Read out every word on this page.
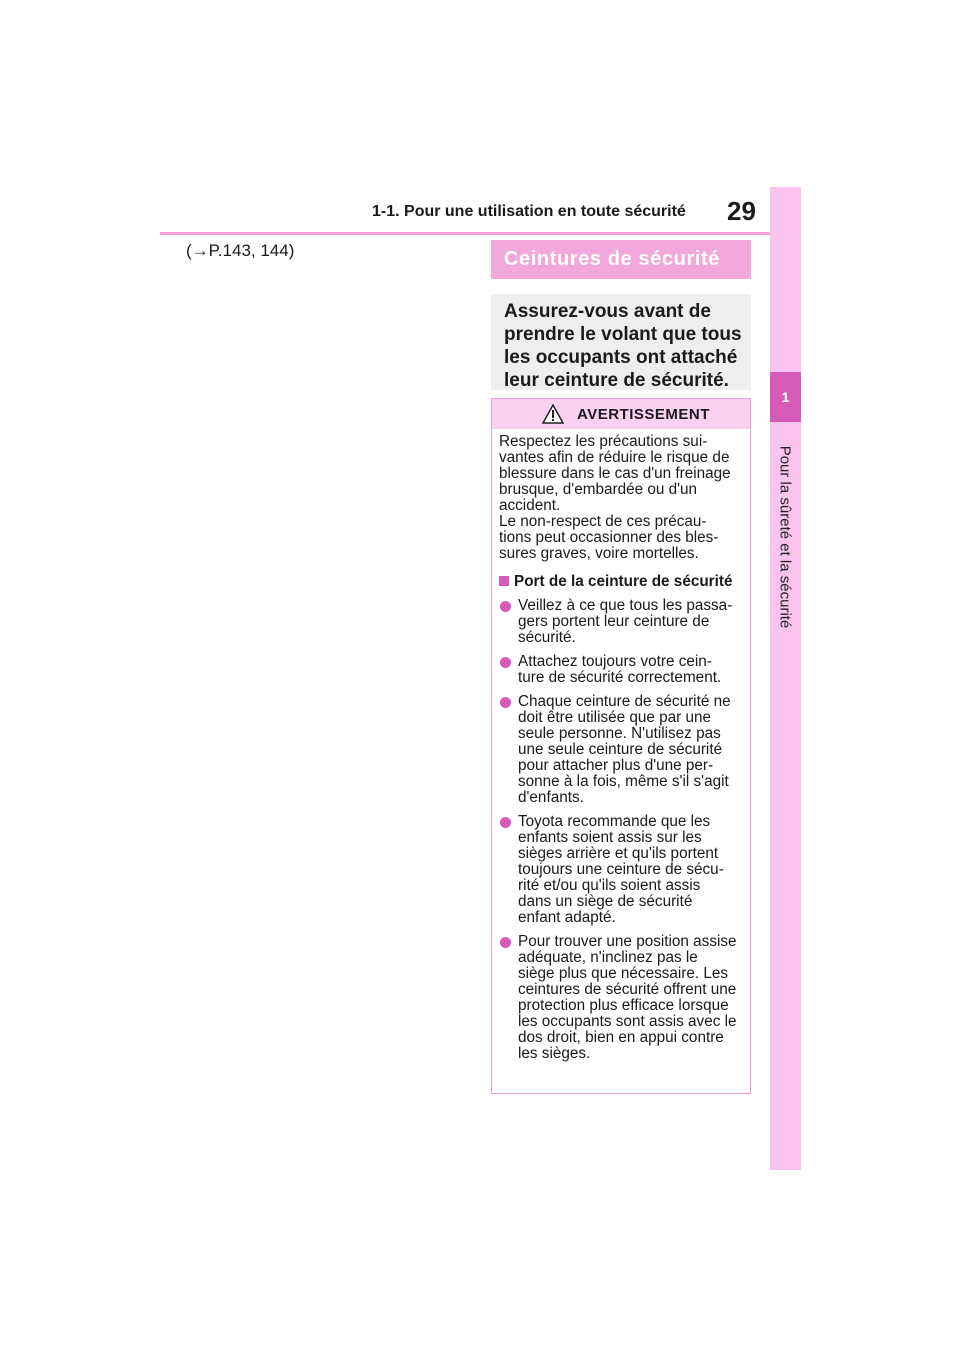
1-1. Pour une utilisation en toute sécurité 29
1
Pour la sûreté et la sécurité
(→P.143, 144)	Ceintures de sécurité
Assurez-vous avant de
prendre le volant que tous
les occupants ont attaché
leur ceinture de sécurité.
AVERTISSEMENT

Respectez les précautions sui-
vantes afin de réduire le risque de
blessure dans le cas d'un freinage
brusque, d'embardée ou d'un
accident.
Le non-respect de ces précau-
tions peut occasionner des bles-
sures graves, voire mortelles.

Port de la ceinture de sécurité

Veillez à ce que tous les passa-
gers portent leur ceinture de
sécurité.

Attachez toujours votre cein-
ture de sécurité correctement.

Chaque ceinture de sécurité ne
doit être utilisée que par une
seule personne. N'utilisez pas
une seule ceinture de sécurité
pour attacher plus d'une per-
sonne à la fois, même s'il s'agit
d'enfants.

Toyota recommande que les
enfants soient assis sur les
sièges arrière et qu'ils portent
toujours une ceinture de sécu-
rité et/ou qu'ils soient assis
dans un siège de sécurité
enfant adapté.

Pour trouver une position assise
adéquate, n'inclinez pas le
siège plus que nécessaire. Les
ceintures de sécurité offrent une
protection plus efficace lorsque
les occupants sont assis avec le
dos droit, bien en appui contre
les sièges.
